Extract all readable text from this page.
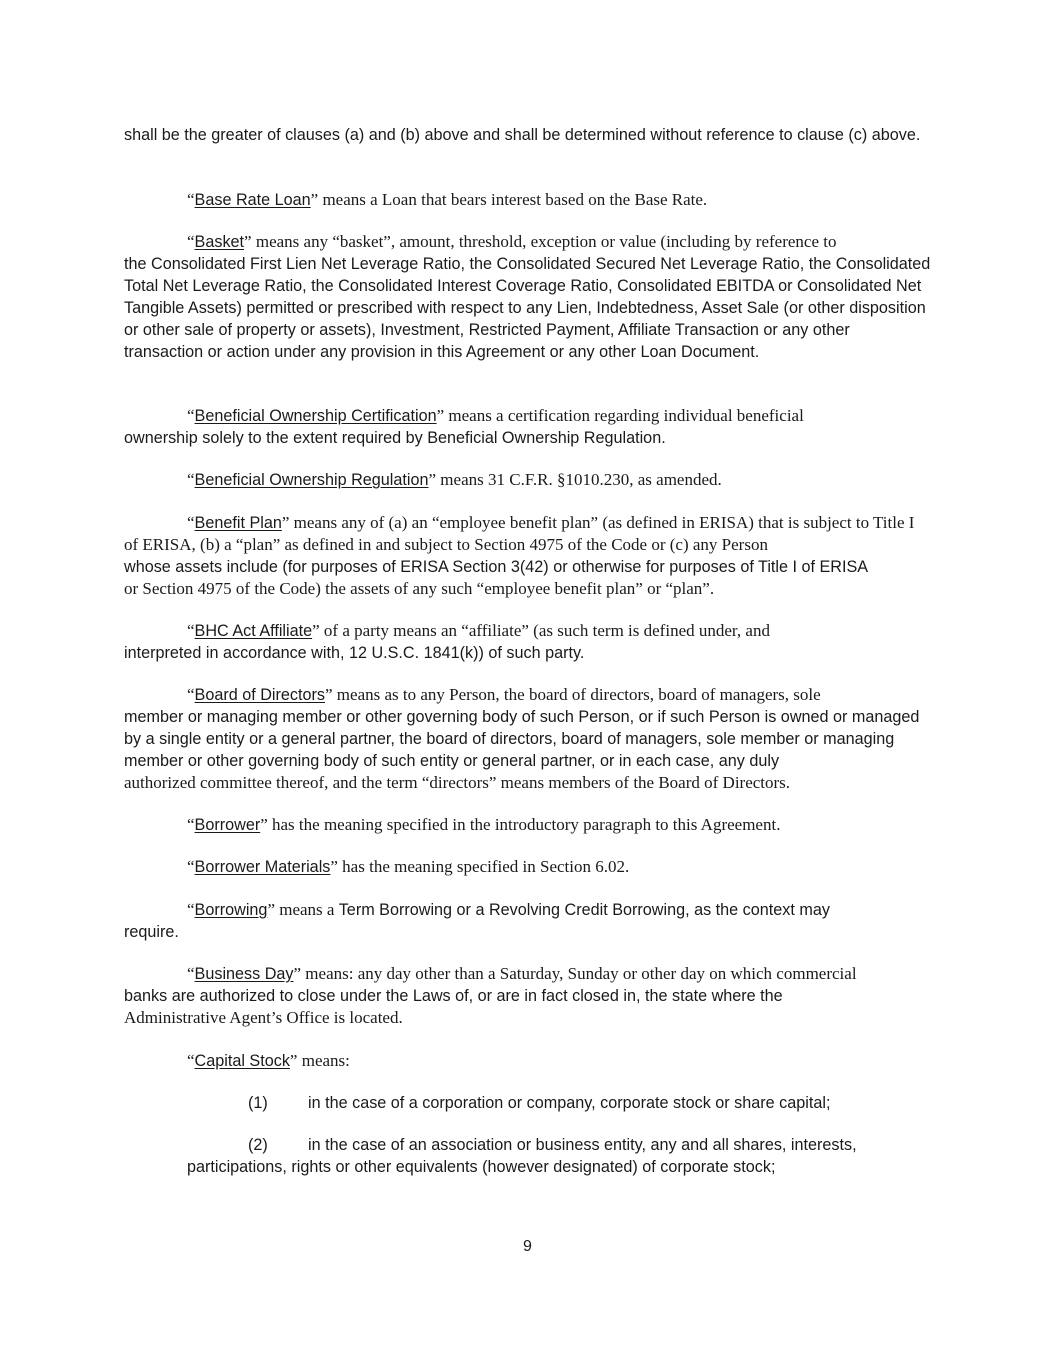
shall be the greater of clauses (a) and (b) above and shall be determined without reference to clause (c) above.

“Base Rate Loan” means a Loan that bears interest based on the Base Rate.

“Basket” means any “basket”, amount, threshold, exception or value (including by reference to

the Consolidated First Lien Net Leverage Ratio, the Consolidated Secured Net Leverage Ratio, the Consolidated Total Net Leverage Ratio, the Consolidated Interest Coverage Ratio, Consolidated EBITDA or Consolidated Net Tangible Assets) permitted or prescribed with respect to any Lien, Indebtedness, Asset Sale (or other disposition or other sale of property or assets), Investment, Restricted Payment, Affiliate Transaction or any other transaction or action under any provision in this Agreement or any other Loan Document.

“Beneficial Ownership Certification” means a certification regarding individual beneficial

ownership solely to the extent required by Beneficial Ownership Regulation.

“Beneficial Ownership Regulation” means 31 C.F.R. §1010.230, as amended.

“Benefit Plan” means any of (a) an “employee benefit plan” (as defined in ERISA) that is subject to Title I of ERISA, (b) a “plan” as defined in and subject to Section 4975 of the Code or (c) any Person

whose assets include (for purposes of ERISA Section 3(42) or otherwise for purposes of Title I of ERISA

or Section 4975 of the Code) the assets of any such “employee benefit plan” or “plan”.

“BHC Act Affiliate” of a party means an “affiliate” (as such term is defined under, and

interpreted in accordance with, 12 U.S.C. 1841(k)) of such party.

“Board of Directors” means as to any Person, the board of directors, board of managers, sole

member or managing member or other governing body of such Person, or if such Person is owned or managed by a single entity or a general partner, the board of directors, board of managers, sole member or managing member or other governing body of such entity or general partner, or in each case, any duly

authorized committee thereof, and the term “directors” means members of the Board of Directors.

“Borrower” has the meaning specified in the introductory paragraph to this Agreement.

“Borrower Materials” has the meaning specified in Section 6.02.

“Borrowing” means a Term Borrowing or a Revolving Credit Borrowing, as the context may

require.

“Business Day” means: any day other than a Saturday, Sunday or other day on which commercial

banks are authorized to close under the Laws of, or are in fact closed in, the state where the

Administrative Agent’s Office is located.

“Capital Stock” means:

(1) in the case of a corporation or company, corporate stock or share capital;

(2) in the case of an association or business entity, any and all shares, interests,

participations, rights or other equivalents (however designated) of corporate stock;

9
